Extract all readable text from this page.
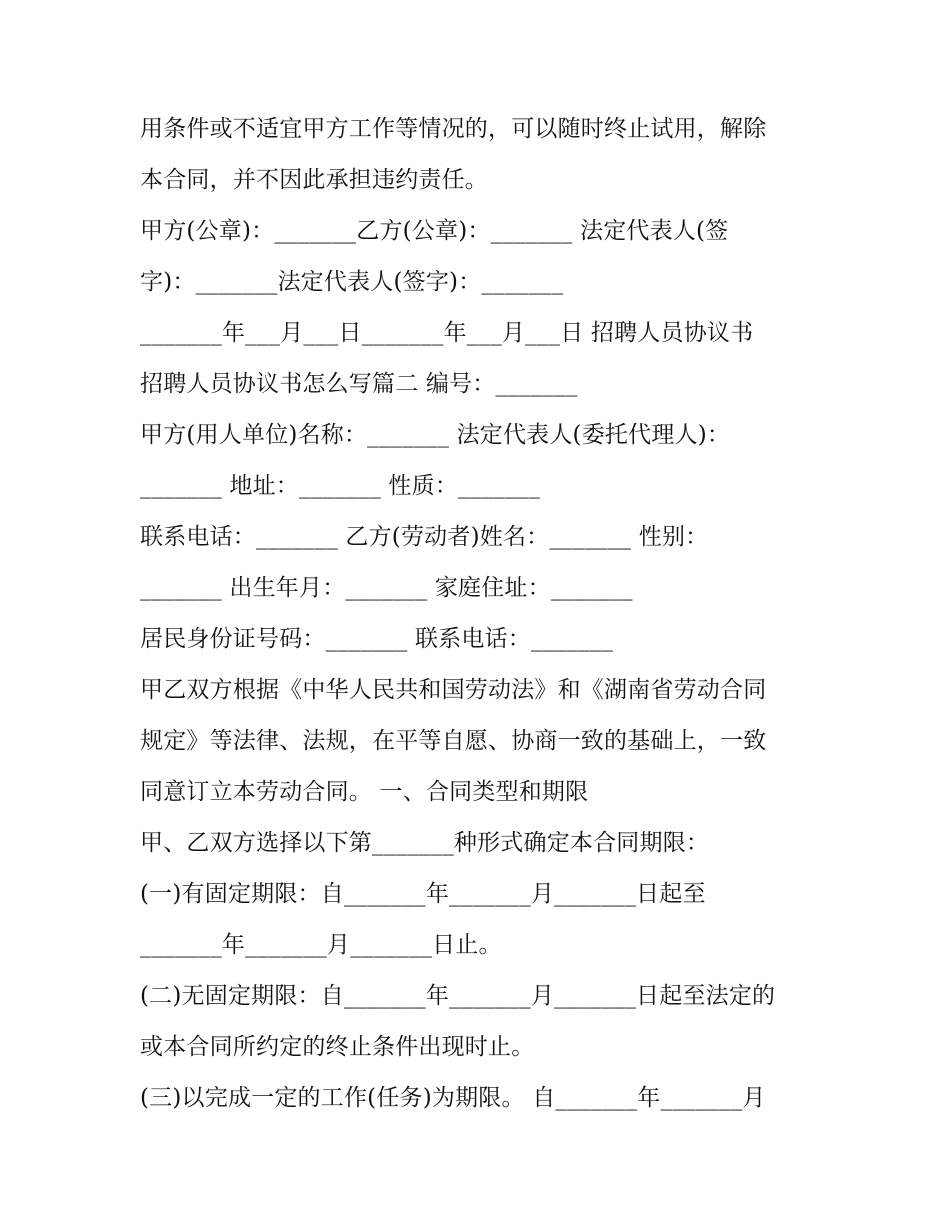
用条件或不适宜甲方工作等情况的，可以随时终止试用，解除
本合同，并不因此承担违约责任。
甲方(公章)：_______乙方(公章)：_______ 法定代表人(签
字)：_______法定代表人(签字)：_______
_______年___月___日_______年___月___日 招聘人员协议书
招聘人员协议书怎么写篇二 编号：_______
甲方(用人单位)名称：_______ 法定代表人(委托代理人)：
_______ 地址：_______ 性质：_______
联系电话：_______ 乙方(劳动者)姓名：_______ 性别：
_______ 出生年月：_______ 家庭住址：_______
居民身份证号码：_______ 联系电话：_______
甲乙双方根据《中华人民共和国劳动法》和《湖南省劳动合同
规定》等法律、法规，在平等自愿、协商一致的基础上，一致
同意订立本劳动合同。 一、合同类型和期限
甲、乙双方选择以下第_______种形式确定本合同期限：
(一)有固定期限：自_______年_______月_______日起至
_______年_______月_______日止。
(二)无固定期限：自_______年_______月_______日起至法定的
或本合同所约定的终止条件出现时止。
(三)以完成一定的工作(任务)为期限。 自_______年_______月
